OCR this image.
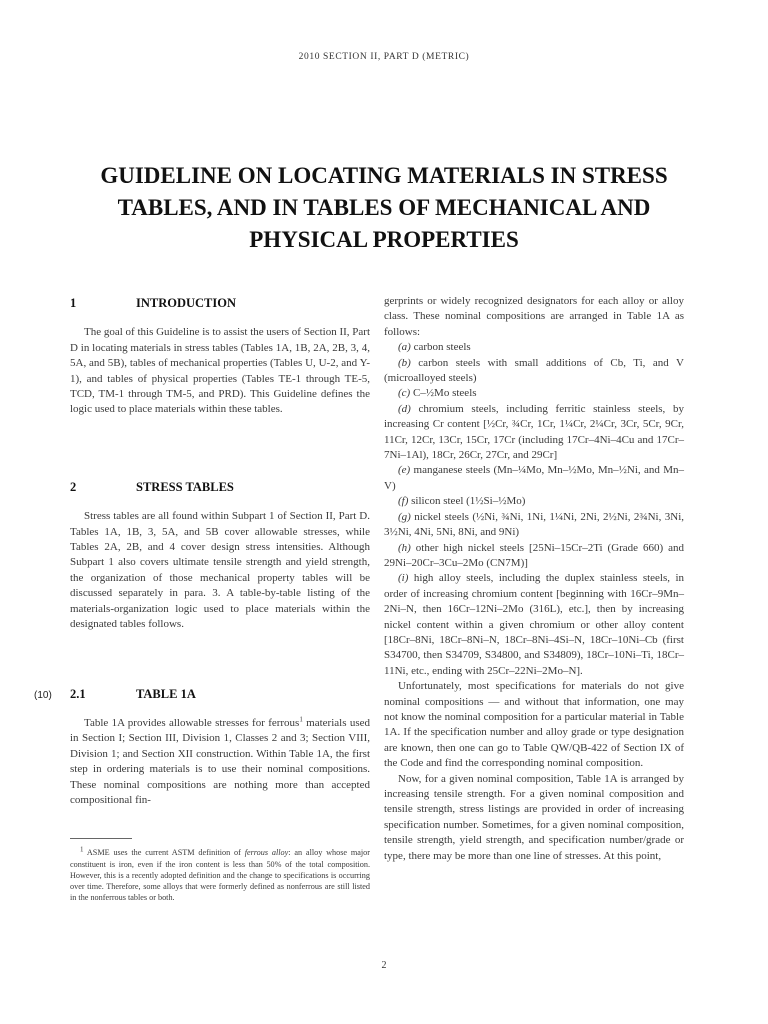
2010 SECTION II, PART D (METRIC)
GUIDELINE ON LOCATING MATERIALS IN STRESS TABLES, AND IN TABLES OF MECHANICAL AND PHYSICAL PROPERTIES
1	INTRODUCTION

The goal of this Guideline is to assist the users of Section II, Part D in locating materials in stress tables (Tables 1A, 1B, 2A, 2B, 3, 4, 5A, and 5B), tables of mechanical properties (Tables U, U-2, and Y-1), and tables of physical properties (Tables TE-1 through TE-5, TCD, TM-1 through TM-5, and PRD). This Guideline defines the logic used to place materials within these tables.

2	STRESS TABLES

Stress tables are all found within Subpart 1 of Section II, Part D. Tables 1A, 1B, 3, 5A, and 5B cover allowable stresses, while Tables 2A, 2B, and 4 cover design stress intensities. Although Subpart 1 also covers ultimate tensile strength and yield strength, the organization of those mechanical property tables will be discussed separately in para. 3. A table-by-table listing of the materials-organization logic used to place materials within the designated tables follows.

(10) 2.1	TABLE 1A

Table 1A provides allowable stresses for ferrous$^1$ materials used in Section I; Section III, Division 1, Classes 2 and 3; Section VIII, Division 1; and Section XII construction. Within Table 1A, the first step in ordering materials is to use their nominal compositions. These nominal compositions are nothing more than accepted compositional fin-

$^1$ ASME uses the current ASTM definition of ferrous alloy: an alloy whose major constituent is iron, even if the iron content is less than 50% of the total composition. However, this is a recently adopted definition and the change to specifications is occurring over time. Therefore, some alloys that were formerly defined as nonferrous are still listed in the nonferrous tables or both.

gerprints or widely recognized designators for each alloy or alloy class. These nominal compositions are arranged in Table 1A as follows:

(a) carbon steels

(b) carbon steels with small additions of Cb, Ti, and V (microalloyed steels)

(c) C–½Mo steels

(d) chromium steels, including ferritic stainless steels, by increasing Cr content [½Cr, ¾Cr, 1Cr, 1¼Cr, 2¼Cr, 3Cr, 5Cr, 9Cr, 11Cr, 12Cr, 13Cr, 15Cr, 17Cr (including 17Cr–4Ni–4Cu and 17Cr–7Ni–1Al), 18Cr, 26Cr, 27Cr, and 29Cr]

(e) manganese steels (Mn–¼Mo, Mn–½Mo, Mn–½Ni, and Mn–V)

(f) silicon steel (1½Si–½Mo)

(g) nickel steels (½Ni, ¾Ni, 1Ni, 1¼Ni, 2Ni, 2½Ni, 2¾Ni, 3Ni, 3½Ni, 4Ni, 5Ni, 8Ni, and 9Ni)

(h) other high nickel steels [25Ni–15Cr–2Ti (Grade 660) and 29Ni–20Cr–3Cu–2Mo (CN7M)]

(i) high alloy steels, including the duplex stainless steels, in order of increasing chromium content [beginning with 16Cr–9Mn–2Ni–N, then 16Cr–12Ni–2Mo (316L), etc.], then by increasing nickel content within a given chromium or other alloy content [18Cr–8Ni, 18Cr–8Ni–N, 18Cr–8Ni–4Si–N, 18Cr–10Ni–Cb (first S34700, then S34709, S34800, and S34809), 18Cr–10Ni–Ti, 18Cr–11Ni, etc., ending with 25Cr–22Ni–2Mo–N].

Unfortunately, most specifications for materials do not give nominal compositions — and without that information, one may not know the nominal composition for a particular material in Table 1A. If the specification number and alloy grade or type designation are known, then one can go to Table QW/QB-422 of Section IX of the Code and find the corresponding nominal composition.

Now, for a given nominal composition, Table 1A is arranged by increasing tensile strength. For a given nominal composition and tensile strength, stress listings are provided in order of increasing specification number. Sometimes, for a given nominal composition, tensile strength, yield strength, and specification number/grade or type, there may be more than one line of stresses. At this point,

2
